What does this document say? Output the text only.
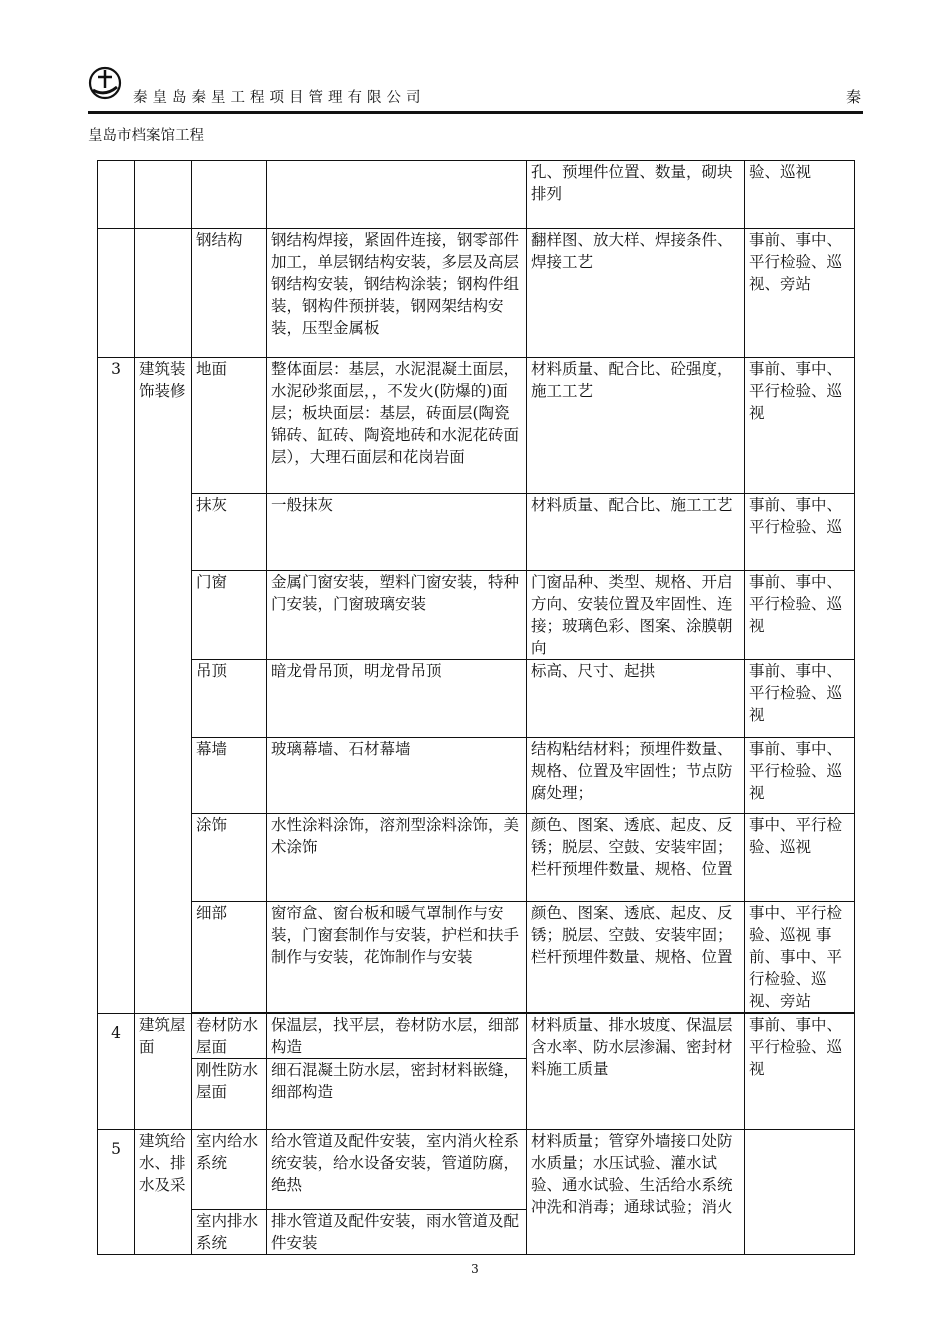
秦皇岛秦星工程项目管理有限公司	秦
皇岛市档案馆工程
				孔、预埋件位置、数量，砌块排列	验、巡视
		钢结构	钢结构焊接，紧固件连接，钢零部件加工，单层钢结构安装，多层及高层钢结构安装，钢结构涂装；钢构件组装，钢构件预拼装，钢网架结构安装，压型金属板	翻样图、放大样、焊接条件、焊接工艺	事前、事中、平行检验、巡视、旁站
3	建筑装饰装修	地面	整体面层：基层，水泥混凝土面层，水泥砂浆面层，，不发火(防爆的)面层；板块面层：基层，砖面层(陶瓷锦砖、缸砖、陶瓷地砖和水泥花砖面层），大理石面层和花岗岩面	材料质量、配合比、砼强度，施工工艺	事前、事中、平行检验、巡视
		抹灰	一般抹灰	材料质量、配合比、施工工艺	事前、事中、平行检验、巡
		门窗	金属门窗安装，塑料门窗安装，特种门安装，门窗玻璃安装	门窗品种、类型、规格、开启方向、安装位置及牢固性、连接；玻璃色彩、图案、涂膜朝向	事前、事中、平行检验、巡视
		吊顶	暗龙骨吊顶，明龙骨吊顶	标高、尺寸、起拱	事前、事中、平行检验、巡视
		幕墙	玻璃幕墙、石材幕墙	结构粘结材料；预埋件数量、规格、位置及牢固性；节点防腐处理；	事前、事中、平行检验、巡视
		涂饰	水性涂料涂饰，溶剂型涂料涂饰，美术涂饰	颜色、图案、透底、起皮、反锈；脱层、空鼓、安装牢固；栏杆预埋件数量、规格、位置	事中、平行检验、巡视
		细部	窗帘盒、窗台板和暖气罩制作与安装，门窗套制作与安装，护栏和扶手制作与安装，花饰制作与安装	颜色、图案、透底、起皮、反锈；脱层、空鼓、安装牢固；栏杆预埋件数量、规格、位置	事中、平行检验、巡视 事前、事中、平行检验、巡视、旁站
4	建筑屋面	卷材防水屋面	保温层，找平层，卷材防水层，细部构造	材料质量、排水坡度、保温层含水率、防水层渗漏、密封材料施工质量	事前、事中、平行检验、巡视
		刚性防水屋面	细石混凝土防水层，密封材料嵌缝，细部构造		

5	建筑给水、排水及采	室内给水系统	给水管道及配件安装，室内消火栓系统安装，给水设备安装，管道防腐，绝热	材料质量；管穿外墙接口处防水质量；水压试验、灌水试验、通水试验、生活给水系统冲洗和消毒；通球试验；消火	
		室内排水系统	排水管道及配件安装，雨水管道及配件安装		
3
